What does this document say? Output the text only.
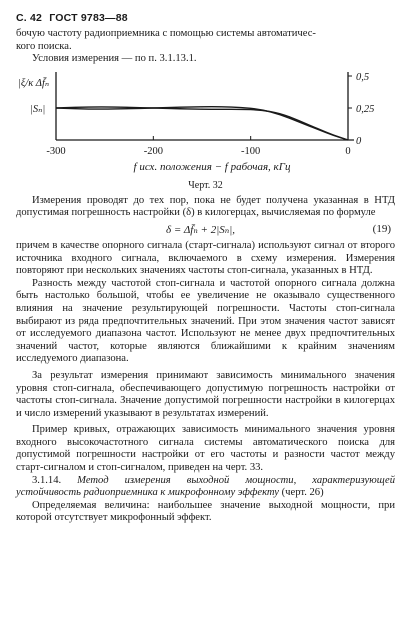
С. 42 ГОСТ 9783—88

бочую частоту радиоприемника с помощью системы автоматичес-

кого поиска.

Условия измерения — по п. 3.1.13.1.

-300	-200	-100	0
0,5
0,25
0
|ξ/κ Δf̄ₙ
|Sₙ|
f исх. положения − f рабочая, кГц
Черт. 32

Измерения проводят до тех пор, пока не будет получена указанная в НТД допустимая погрешность настройки (δ) в килогерцах, вычисляемая по формуле

δ = Δf̄ₙ + 2|Sₙ|,	(19)

причем в качестве опорного сигнала (старт-сигнала) используют сигнал от второго источника входного сигнала, включаемого в схему измерения. Измерения повторяют при нескольких значениях частоты стоп-сигнала, указанных в НТД.

Разность между частотой стоп-сигнала и частотой опорного сигнала должна быть настолько большой, чтобы ее увеличение не оказывало существенного влияния на значение результирующей погрешности. Частоты стоп-сигнала выбирают из ряда предпочтительных значений. При этом значения частот зависят от исследуемого диапазона частот. Используют не менее двух предпочтительных значений частот, которые являются ближайшими к крайним значениям исследуемого диапазона.

За результат измерения принимают зависимость минимального значения уровня стоп-сигнала, обеспечивающего допустимую погрешность настройки от частоты стоп-сигнала. Значение допустимой погрешности настройки в килогерцах и число измерений указывают в результатах измерений.

Пример кривых, отражающих зависимость минимального значения уровня входного высокочастотного сигнала системы автоматического поиска для допустимой погрешности настройки от его частоты и разности частот между старт-сигналом и стоп-сигналом, приведен на черт. 33.

3.1.14. Метод измерения выходной мощности, характеризующей устойчивость радиоприемника к микрофонному эффекту (черт. 26)

Определяемая величина: наибольшее значение выходной мощности, при которой отсутствует микрофонный эффект.
